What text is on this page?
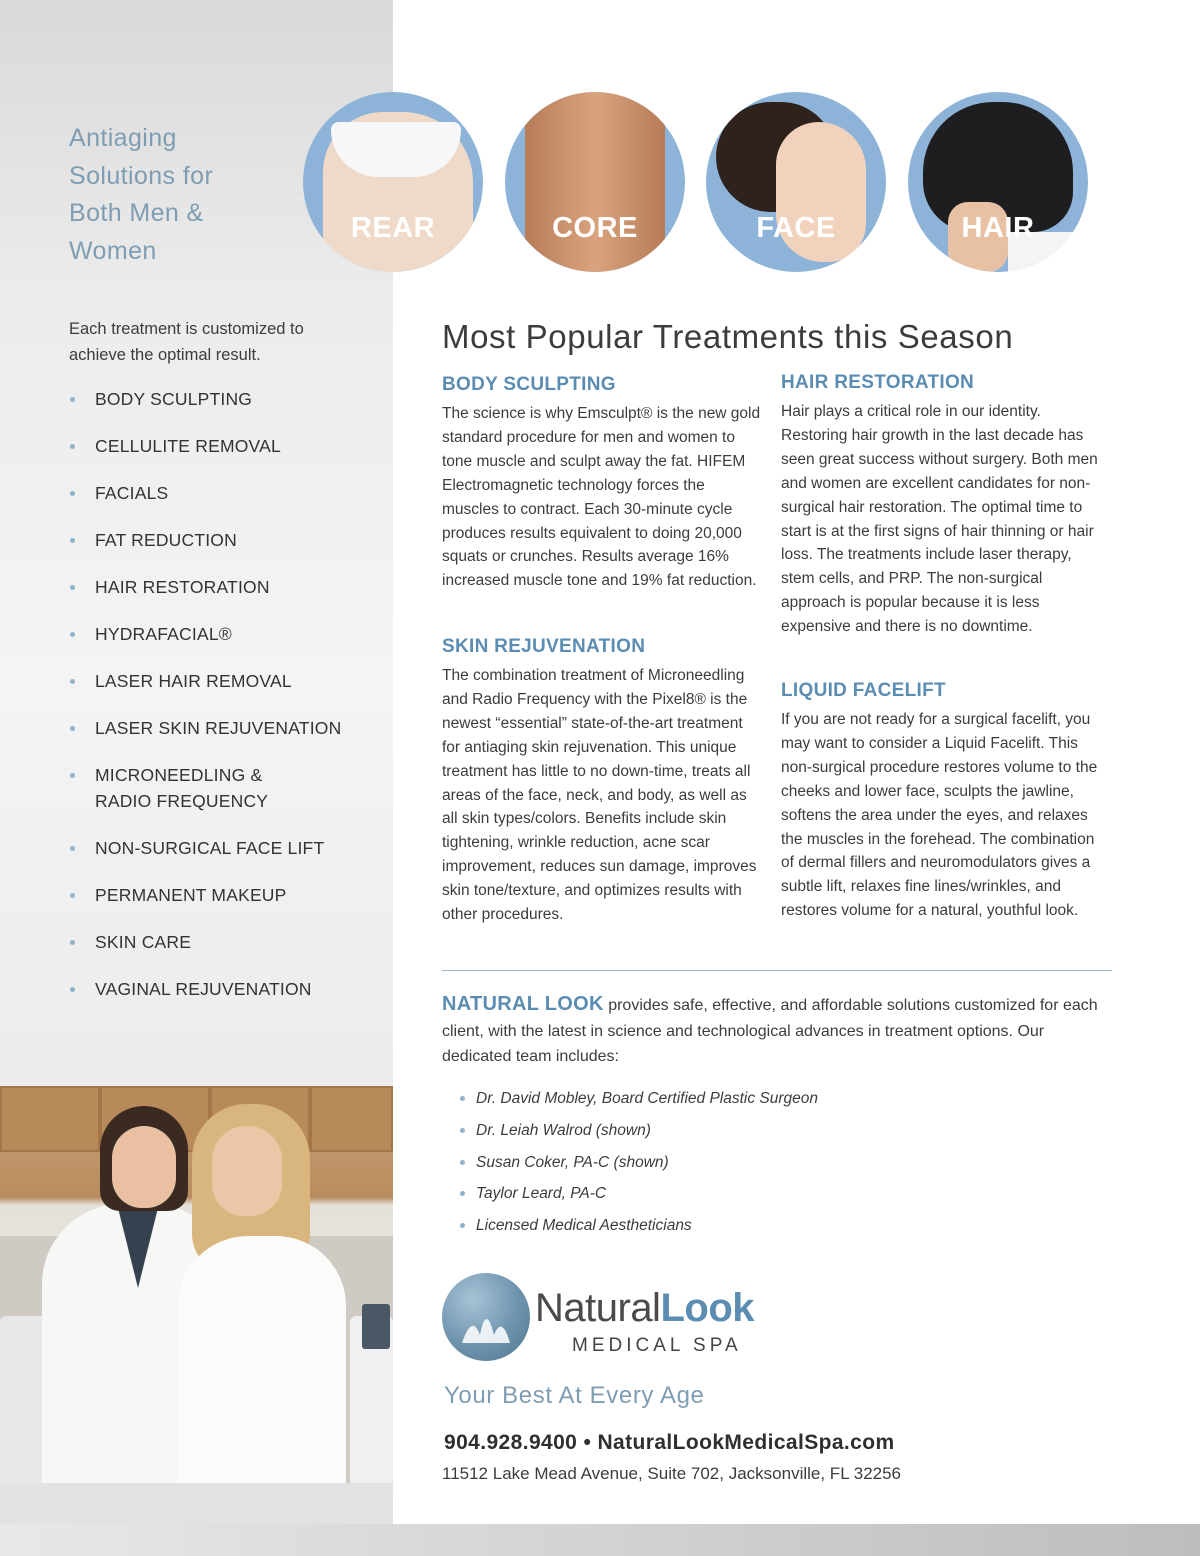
Antiaging Solutions for Both Men & Women

Each treatment is customized to achieve the optimal result.

BODY SCULPTING
CELLULITE REMOVAL
FACIALS
FAT REDUCTION
HAIR RESTORATION
HYDRAFACIAL®
LASER HAIR REMOVAL
LASER SKIN REJUVENATION
MICRONEEDLING & RADIO FREQUENCY
NON-SURGICAL FACE LIFT
PERMANENT MAKEUP
SKIN CARE
VAGINAL REJUVENATION
REAR	CORE	FACE	HAIR
Most Popular Treatments this Season
BODY SCULPTING

The science is why Emsculpt® is the new gold standard procedure for men and women to tone muscle and sculpt away the fat. HIFEM Electromagnetic technology forces the muscles to contract. Each 30-minute cycle produces results equivalent to doing 20,000 squats or crunches. Results average 16% increased muscle tone and 19% fat reduction.

SKIN REJUVENATION

The combination treatment of Microneedling and Radio Frequency with the Pixel8® is the newest “essential” state-of-the-art treatment for antiaging skin rejuvenation. This unique treatment has little to no down-time, treats all areas of the face, neck, and body, as well as all skin types/colors. Benefits include skin tightening, wrinkle reduction, acne scar improvement, reduces sun damage, improves skin tone/texture, and optimizes results with other procedures.

HAIR RESTORATION

Hair plays a critical role in our identity. Restoring hair growth in the last decade has seen great success without surgery. Both men and women are excellent candidates for non-surgical hair restoration. The optimal time to start is at the first signs of hair thinning or hair loss. The treatments include laser therapy, stem cells, and PRP. The non-surgical approach is popular because it is less expensive and there is no downtime.

LIQUID FACELIFT

If you are not ready for a surgical facelift, you may want to consider a Liquid Facelift. This non-surgical procedure restores volume to the cheeks and lower face, sculpts the jawline, softens the area under the eyes, and relaxes the muscles in the forehead. The combination of dermal fillers and neuromodulators gives a subtle lift, relaxes fine lines/wrinkles, and restores volume for a natural, youthful look.

NATURAL LOOK provides safe, effective, and affordable solutions customized for each client, with the latest in science and technological advances in treatment options. Our dedicated team includes:

Dr. David Mobley, Board Certified Plastic Surgeon
Dr. Leiah Walrod (shown)
Susan Coker, PA-C (shown)
Taylor Leard, PA-C
Licensed Medical Aestheticians
NaturalLook
MEDICAL SPA
Your Best At Every Age
904.928.9400 • NaturalLookMedicalSpa.com
11512 Lake Mead Avenue, Suite 702, Jacksonville, FL 32256
